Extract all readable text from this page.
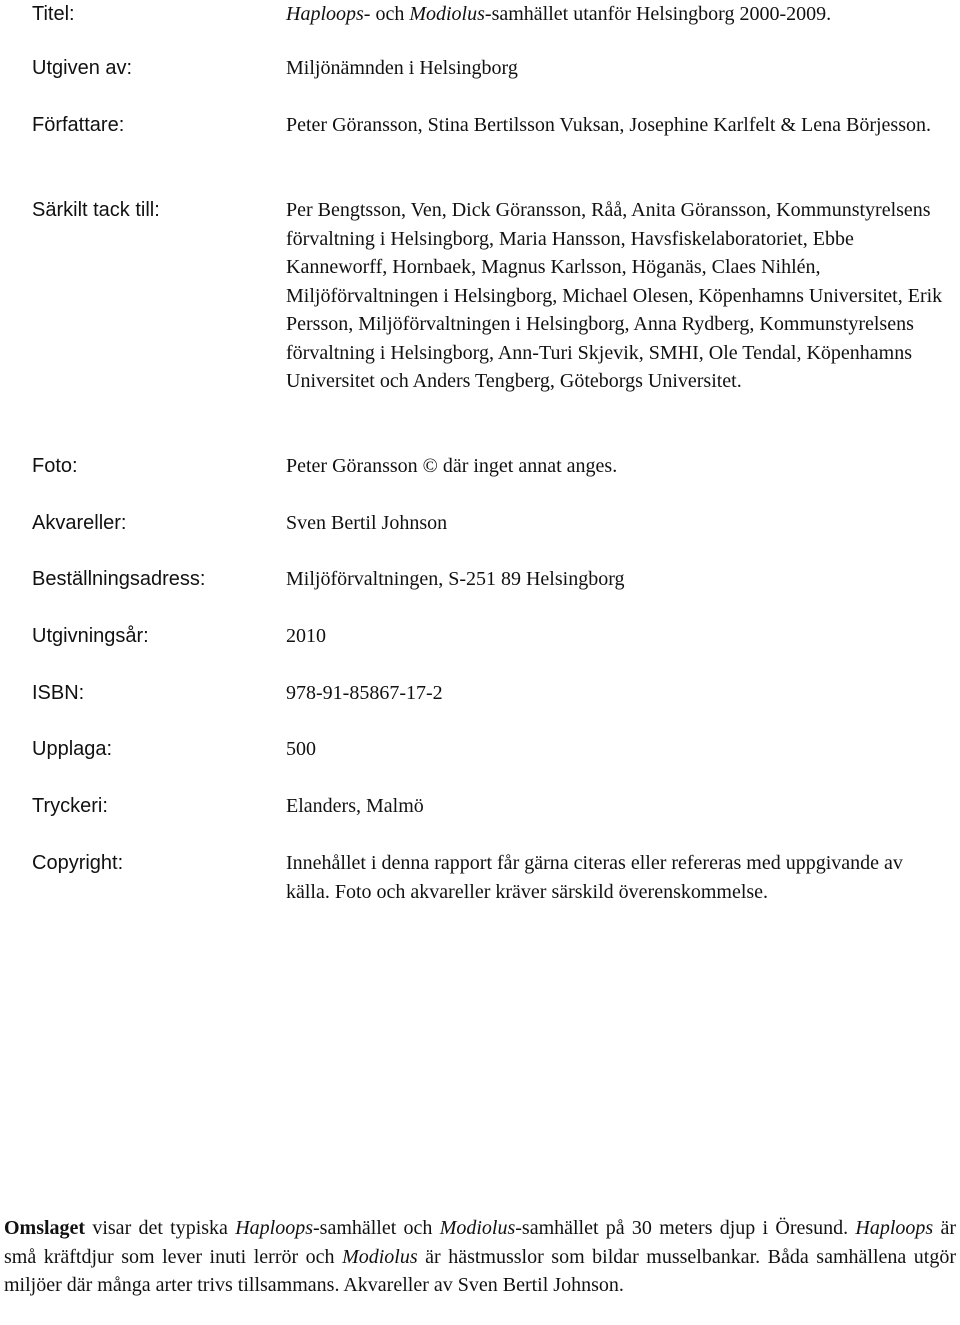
Titel:	Haploops- och Modiolus-samhället utanför Helsingborg 2000-2009.
Utgiven av:	Miljönämnden i Helsingborg
Författare:	Peter Göransson, Stina Bertilsson Vuksan, Josephine Karlfelt & Lena Börjesson.
Särkilt tack till:	Per Bengtsson, Ven, Dick Göransson, Råå, Anita Göransson, Kommunstyrelsens förvaltning i Helsingborg, Maria Hansson, Havsfiskelaboratoriet, Ebbe Kanneworff, Hornbaek, Magnus Karlsson, Höganäs, Claes Nihlén, Miljöförvaltningen i Helsingborg, Michael Olesen, Köpenhamns Universitet, Erik Persson, Miljöförvaltningen i Helsingborg, Anna Rydberg, Kommunstyrelsens förvaltning i Helsingborg, Ann-Turi Skjevik, SMHI, Ole Tendal, Köpenhamns Universitet och Anders Tengberg, Göteborgs Universitet.
Foto:	Peter Göransson © där inget annat anges.
Akvareller:	Sven Bertil Johnson
Beställningsadress:	Miljöförvaltningen, S-251 89 Helsingborg
Utgivningsår:	2010
ISBN:	978-91-85867-17-2
Upplaga:	500
Tryckeri:	Elanders, Malmö
Copyright:	Innehållet i denna rapport får gärna citeras eller refereras med uppgivande av källa. Foto och akvareller kräver särskild överenskommelse.
Omslaget visar det typiska Haploops-samhället och Modiolus-samhället på 30 meters djup i Öresund. Haploops är små kräftdjur som lever inuti lerrör och Modiolus är hästmusslor som bildar musselbankar. Båda samhällena utgör miljöer där många arter trivs tillsammans. Akvareller av Sven Bertil Johnson.
